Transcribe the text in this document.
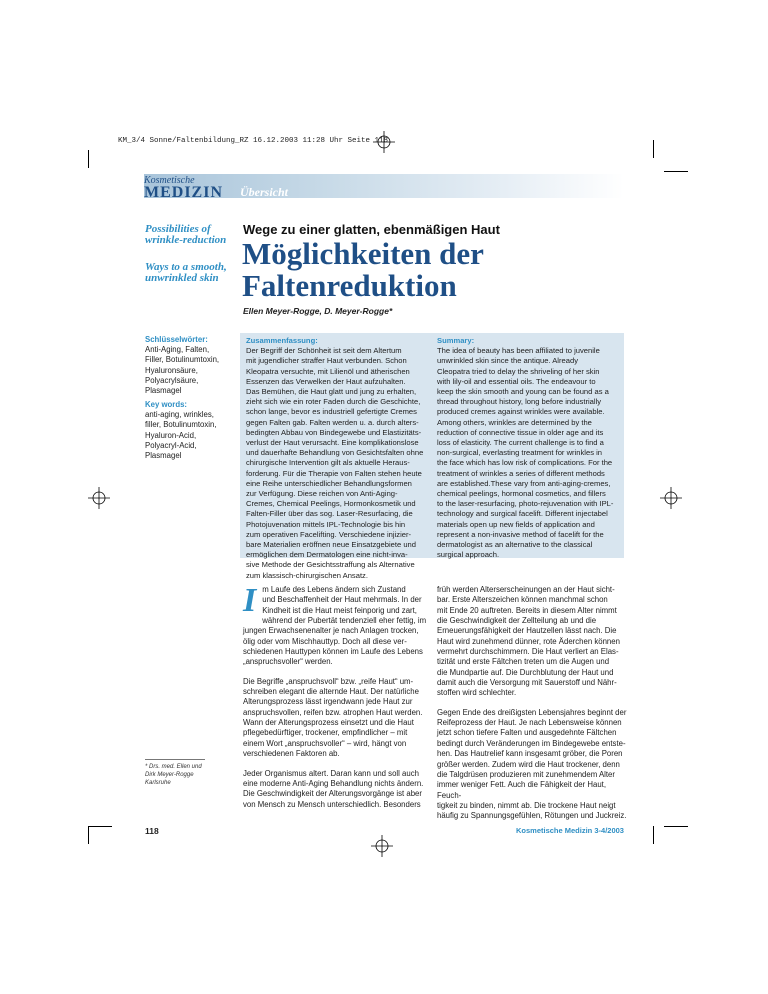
KM_3/4 Sonne/Faltenbildung_RZ 16.12.2003 11:28 Uhr Seite 118
Kosmetische
MEDIZIN Übersicht
Possibilities of wrinkle-reduction
Ways to a smooth, unwrinkled skin
Wege zu einer glatten, ebenmäßigen Haut
Möglichkeiten der
Faltenreduktion
Ellen Meyer-Rogge, D. Meyer-Rogge*
Schlüsselwörter:
Anti-Aging, Falten,
Filler, Botulinumtoxin,
Hyaluronsäure,
Polyacrylsäure,
Plasmagel
Key words:
anti-aging, wrinkles,
filler, Botulinumtoxin,
Hyaluron-Acid,
Polyacryl-Acid,
Plasmagel
Zusammenfassung:
Der Begriff der Schönheit ist seit dem Altertum
mit jugendlicher straffer Haut verbunden. Schon
Kleopatra versuchte, mit Lilienöl und ätherischen
Essenzen das Verwelken der Haut aufzuhalten.
Das Bemühen, die Haut glatt und jung zu erhalten,
zieht sich wie ein roter Faden durch die Geschichte,
schon lange, bevor es industriell gefertigte Cremes
gegen Falten gab. Falten werden u. a. durch alters-
bedingten Abbau von Bindegewebe und Elastizitäts-
verlust der Haut verursacht. Eine komplikationslose
und dauerhafte Behandlung von Gesichtsfalten ohne
chirurgische Intervention gilt als aktuelle Heraus-
forderung. Für die Therapie von Falten stehen heute
eine Reihe unterschiedlicher Behandlungsformen
zur Verfügung. Diese reichen von Anti-Aging-
Cremes, Chemical Peelings, Hormonkosmetik und
Falten-Filler über das sog. Laser-Resurfacing, die
Photojuvenation mittels IPL-Technologie bis hin
zum operativen Facelifting. Verschiedene injizier-
bare Materialien eröffnen neue Einsatzgebiete und
ermöglichen dem Dermatologen eine nicht-inva-
sive Methode der Gesichtsstraffung als Alternative
zum klassisch-chirurgischen Ansatz.
Summary:
The idea of beauty has been affiliated to juvenile
unwrinkled skin since the antique. Already
Cleopatra tried to delay the shriveling of her skin
with lily-oil and essential oils. The endeavour to
keep the skin smooth and young can be found as a
thread throughout history, long before industrially
produced cremes against wrinkles were available.
Among others, wrinkles are determined by the
reduction of connective tissue in older age and its
loss of elasticity. The current challenge is to find a
non-surgical, everlasting treatment for wrinkles in
the face which has low risk of complications. For the
treatment of wrinkles a series of different methods
are established.These vary from anti-aging-cremes,
chemical peelings, hormonal cosmetics, and fillers
to the laser-resurfacing, photo-rejuvenation with IPL-
technology and surgical facelift. Different injectabel
materials open up new fields of application and
represent a non-invasive method of facelift for the
dermatologist as an alternative to the classical
surgical approach.
I m Laufe des Lebens ändern sich Zustand
und Beschaffenheit der Haut mehrmals. In der
Kindheit ist die Haut meist feinporig und zart,
während der Pubertät tendenziell eher fettig, im
jungen Erwachsenenalter je nach Anlagen trocken,
ölig oder vom Mischhauttyp. Doch all diese ver-
schiedenen Hauttypen können im Laufe des Lebens
„anspruchsvoller“ werden.

Die Begriffe „anspruchsvoll“ bzw. „reife Haut“ um-
schreiben elegant die alternde Haut. Der natürliche
Alterungsprozess lässt irgendwann jede Haut zur
anspruchsvollen, reifen bzw. atrophen Haut werden.
Wann der Alterungsprozess einsetzt und die Haut
pflegebedürftiger, trockener, empfindlicher – mit
einem Wort „anspruchsvoller“ – wird, hängt von
verschiedenen Faktoren ab.

Jeder Organismus altert. Daran kann und soll auch
eine moderne Anti-Aging Behandlung nichts ändern.
Die Geschwindigkeit der Alterungsvorgänge ist aber
von Mensch zu Mensch unterschiedlich. Besonders

früh werden Alterserscheinungen an der Haut sicht-
bar. Erste Alterszeichen können manchmal schon
mit Ende 20 auftreten. Bereits in diesem Alter nimmt
die Geschwindigkeit der Zellteilung ab und die
Erneuerungsfähigkeit der Hautzellen lässt nach. Die
Haut wird zunehmend dünner, rote Äderchen können
vermehrt durchschimmern. Die Haut verliert an Elas-
tizität und erste Fältchen treten um die Augen und
die Mundpartie auf. Die Durchblutung der Haut und
damit auch die Versorgung mit Sauerstoff und Nähr-
stoffen wird schlechter.

Gegen Ende des dreißigsten Lebensjahres beginnt der
Reifeprozess der Haut. Je nach Lebensweise können
jetzt schon tiefere Falten und ausgedehnte Fältchen
bedingt durch Veränderungen im Bindegewebe entste-
hen. Das Hautrelief kann insgesamt gröber, die Poren
größer werden. Zudem wird die Haut trockener, denn
die Talgdrüsen produzieren mit zunehmendem Alter
immer weniger Fett. Auch die Fähigkeit der Haut, Feuch-
tigkeit zu binden, nimmt ab. Die trockene Haut neigt
häufig zu Spannungsgefühlen, Rötungen und Juckreiz.

* Drs. med. Ellen und
Dirk Meyer-Rogge
Karlsruhe
118	Kosmetische Medizin 3-4/2003
